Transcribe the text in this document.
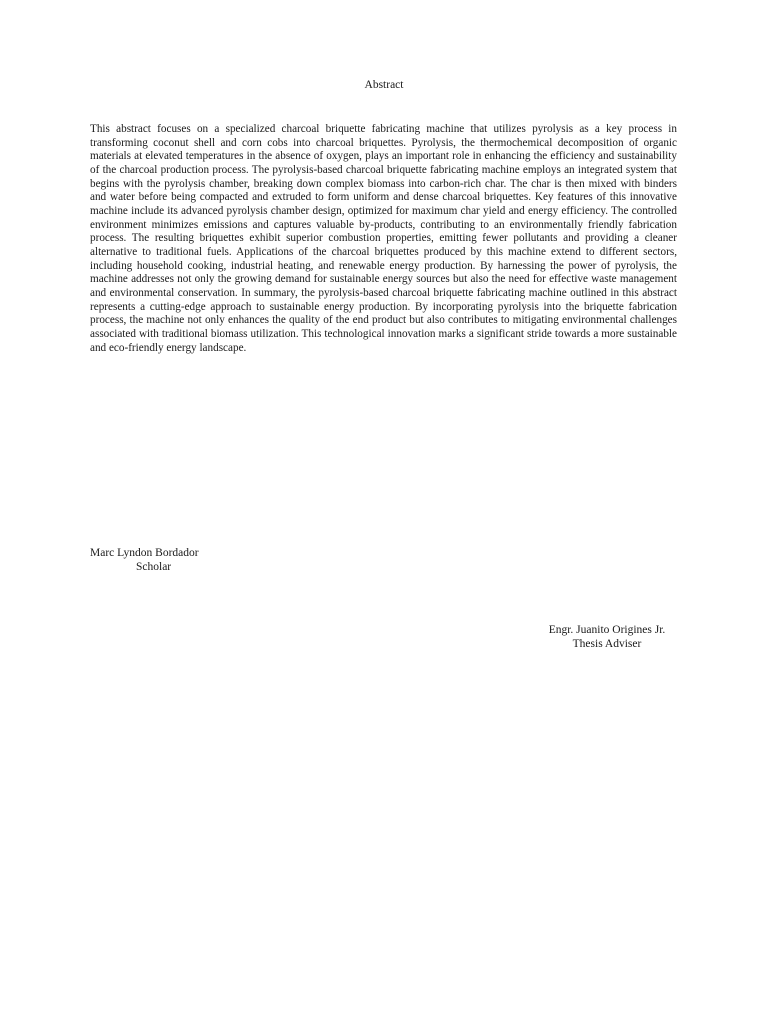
Abstract

This abstract focuses on a specialized charcoal briquette fabricating machine that utilizes pyrolysis as a key process in transforming coconut shell and corn cobs into charcoal briquettes. Pyrolysis, the thermochemical decomposition of organic materials at elevated temperatures in the absence of oxygen, plays an important role in enhancing the efficiency and sustainability of the charcoal production process. The pyrolysis-based charcoal briquette fabricating machine employs an integrated system that begins with the pyrolysis chamber, breaking down complex biomass into carbon-rich char. The char is then mixed with binders and water before being compacted and extruded to form uniform and dense charcoal briquettes. Key features of this innovative machine include its advanced pyrolysis chamber design, optimized for maximum char yield and energy efficiency. The controlled environment minimizes emissions and captures valuable by-products, contributing to an environmentally friendly fabrication process. The resulting briquettes exhibit superior combustion properties, emitting fewer pollutants and providing a cleaner alternative to traditional fuels. Applications of the charcoal briquettes produced by this machine extend to different sectors, including household cooking, industrial heating, and renewable energy production. By harnessing the power of pyrolysis, the machine addresses not only the growing demand for sustainable energy sources but also the need for effective waste management and environmental conservation. In summary, the pyrolysis-based charcoal briquette fabricating machine outlined in this abstract represents a cutting-edge approach to sustainable energy production. By incorporating pyrolysis into the briquette fabrication process, the machine not only enhances the quality of the end product but also contributes to mitigating environmental challenges associated with traditional biomass utilization. This technological innovation marks a significant stride towards a more sustainable and eco-friendly energy landscape.

Marc Lyndon Bordador
Scholar
Engr. Juanito Origines Jr.
Thesis Adviser
